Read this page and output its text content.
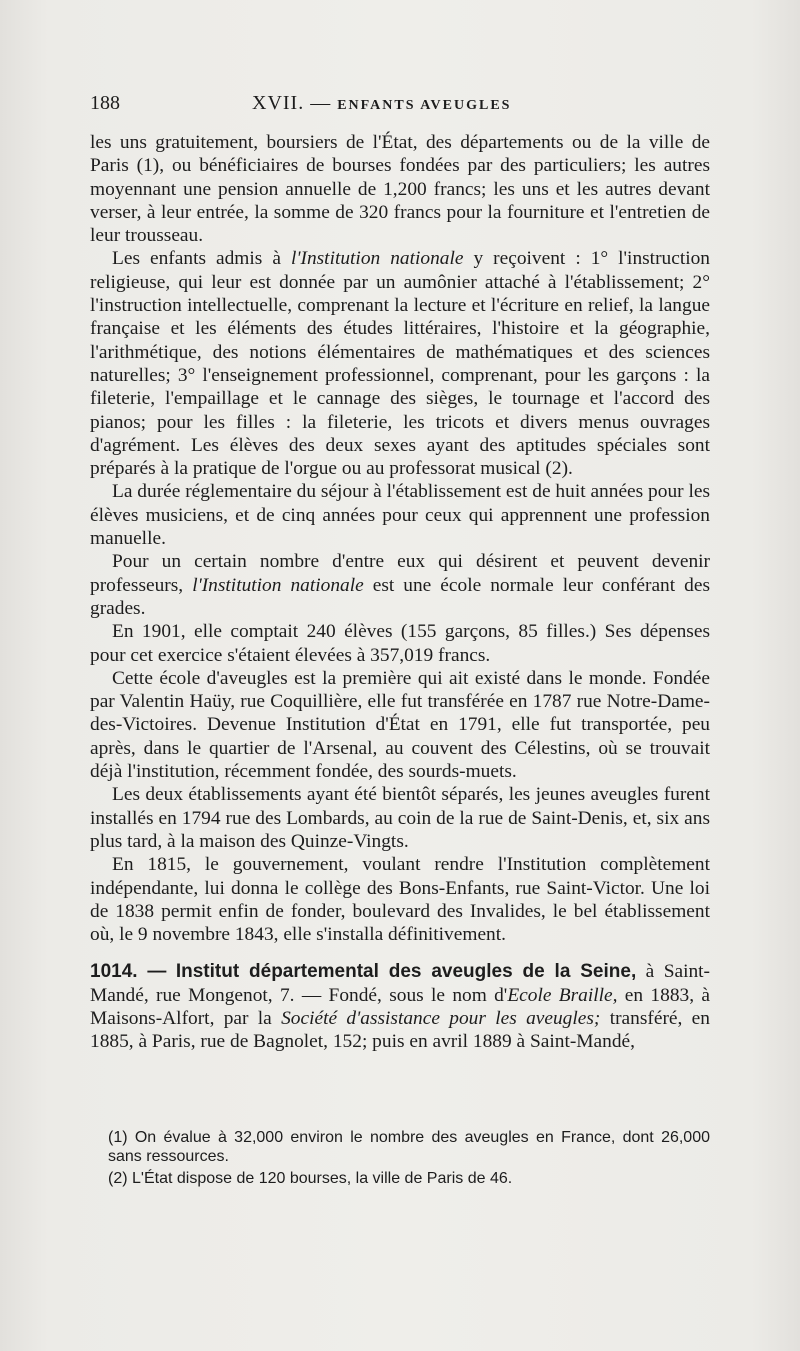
188	XVII. — ENFANTS AVEUGLES

les uns gratuitement, boursiers de l'État, des départements ou de la ville de Paris (1), ou bénéficiaires de bourses fondées par des particuliers; les autres moyennant une pension annuelle de 1,200 francs; les uns et les autres devant verser, à leur entrée, la somme de 320 francs pour la fourniture et l'entretien de leur trousseau.

Les enfants admis à l'Institution nationale y reçoivent : 1° l'instruction religieuse, qui leur est donnée par un aumônier attaché à l'établissement; 2° l'instruction intellectuelle, comprenant la lecture et l'écriture en relief, la langue française et les éléments des études littéraires, l'histoire et la géographie, l'arithmétique, des notions élémentaires de mathématiques et des sciences naturelles; 3° l'enseignement professionnel, comprenant, pour les garçons : la fileterie, l'empaillage et le cannage des sièges, le tournage et l'accord des pianos; pour les filles : la fileterie, les tricots et divers menus ouvrages d'agrément. Les élèves des deux sexes ayant des aptitudes spéciales sont préparés à la pratique de l'orgue ou au professorat musical (2).

La durée réglementaire du séjour à l'établissement est de huit années pour les élèves musiciens, et de cinq années pour ceux qui apprennent une profession manuelle.

Pour un certain nombre d'entre eux qui désirent et peuvent devenir professeurs, l'Institution nationale est une école normale leur conférant des grades.

En 1901, elle comptait 240 élèves (155 garçons, 85 filles.) Ses dépenses pour cet exercice s'étaient élevées à 357,019 francs.

Cette école d'aveugles est la première qui ait existé dans le monde. Fondée par Valentin Haüy, rue Coquillière, elle fut transférée en 1787 rue Notre-Dame-des-Victoires. Devenue Institution d'État en 1791, elle fut transportée, peu après, dans le quartier de l'Arsenal, au couvent des Célestins, où se trouvait déjà l'institution, récemment fondée, des sourds-muets.

Les deux établissements ayant été bientôt séparés, les jeunes aveugles furent installés en 1794 rue des Lombards, au coin de la rue de Saint-Denis, et, six ans plus tard, à la maison des Quinze-Vingts.

En 1815, le gouvernement, voulant rendre l'Institution complètement indépendante, lui donna le collège des Bons-Enfants, rue Saint-Victor. Une loi de 1838 permit enfin de fonder, boulevard des Invalides, le bel établissement où, le 9 novembre 1843, elle s'installa définitivement.

1014. — Institut départemental des aveugles de la Seine, à Saint-Mandé, rue Mongenot, 7. — Fondé, sous le nom d'Ecole Braille, en 1883, à Maisons-Alfort, par la Société d'assistance pour les aveugles; transféré, en 1885, à Paris, rue de Bagnolet, 152; puis en avril 1889 à Saint-Mandé,

(1) On évalue à 32,000 environ le nombre des aveugles en France, dont 26,000 sans ressources.

(2) L'État dispose de 120 bourses, la ville de Paris de 46.
